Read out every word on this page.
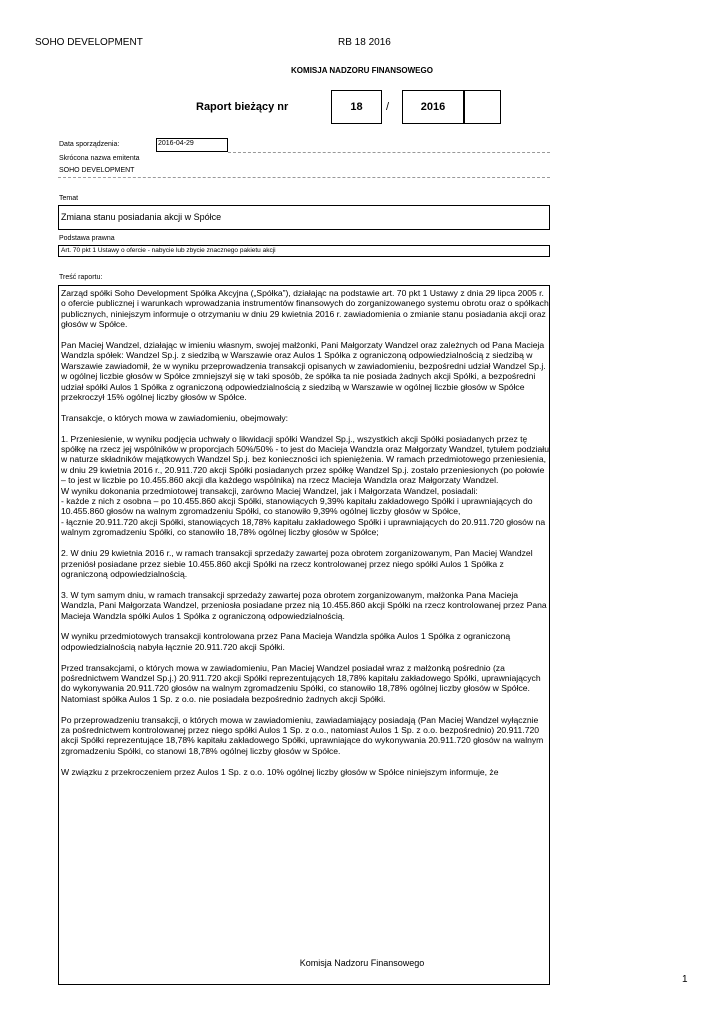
SOHO DEVELOPMENT	RB 18 2016
KOMISJA NADZORU FINANSOWEGO
Raport bieżący nr	18	/	2016
Data sporządzenia:	2016-04-29
Skrócona nazwa emitenta
SOHO DEVELOPMENT
Temat
Zmiana stanu posiadania akcji w Spółce
Podstawa prawna
Art. 70 pkt 1 Ustawy o ofercie - nabycie lub zbycie znacznego pakietu akcji
Treść raportu:

Zarząd spółki Soho Development Spółka Akcyjna („Spółka”), działając na podstawie art. 70 pkt 1 Ustawy z dnia 29 lipca 2005 r. o ofercie publicznej i warunkach wprowadzania instrumentów finansowych do zorganizowanego systemu obrotu oraz o spółkach publicznych, niniejszym informuje o otrzymaniu w dniu 29 kwietnia 2016 r. zawiadomienia o zmianie stanu posiadania akcji oraz głosów w Spółce.

Pan Maciej Wandzel, działając w imieniu własnym, swojej małżonki, Pani Małgorzaty Wandzel oraz zależnych od Pana Macieja Wandzla spółek: Wandzel Sp.j. z siedzibą w Warszawie oraz Aulos 1 Spółka z ograniczoną odpowiedzialnością z siedzibą w Warszawie zawiadomił, że w wyniku przeprowadzenia transakcji opisanych w zawiadomieniu, bezpośredni udział Wandzel Sp.j. w ogólnej liczbie głosów w Spółce zmniejszył się w taki sposób, że spółka ta nie posiada żadnych akcji Spółki, a bezpośredni udział spółki Aulos 1 Spółka z ograniczoną odpowiedzialnością z siedzibą w Warszawie w ogólnej liczbie głosów w Spółce przekroczył 15% ogólnej liczby głosów w Spółce.

Transakcje, o których mowa w zawiadomieniu, obejmowały:

1. Przeniesienie, w wyniku podjęcia uchwały o likwidacji spółki Wandzel Sp.j., wszystkich akcji Spółki posiadanych przez tę spółkę na rzecz jej wspólników w proporcjach 50%/50% - to jest do Macieja Wandzla oraz Małgorzaty Wandzel, tytułem podziału w naturze składników majątkowych Wandzel Sp.j. bez konieczności ich spieniężenia. W ramach przedmiotowego przeniesienia, w dniu 29 kwietnia 2016 r., 20.911.720 akcji Spółki posiadanych przez spółkę Wandzel Sp.j. zostało przeniesionych (po połowie – to jest w liczbie po 10.455.860 akcji dla każdego wspólnika) na rzecz Macieja Wandzla oraz Małgorzaty Wandzel.
W wyniku dokonania przedmiotowej transakcji, zarówno Maciej Wandzel, jak i Małgorzata Wandzel, posiadali:
- każde z nich z osobna – po 10.455.860 akcji Spółki, stanowiących 9,39% kapitału zakładowego Spółki i uprawniających do 10.455.860 głosów na walnym zgromadzeniu Spółki, co stanowiło 9,39% ogólnej liczby głosów w Spółce,
- łącznie 20.911.720 akcji Spółki, stanowiących 18,78% kapitału zakładowego Spółki i uprawniających do 20.911.720 głosów na walnym zgromadzeniu Spółki, co stanowiło 18,78% ogólnej liczby głosów w Spółce;

2. W dniu 29 kwietnia 2016 r., w ramach transakcji sprzedaży zawartej poza obrotem zorganizowanym, Pan Maciej Wandzel przeniósł posiadane przez siebie 10.455.860 akcji Spółki na rzecz kontrolowanej przez niego spółki Aulos 1 Spółka z ograniczoną odpowiedzialnością.

3. W tym samym dniu, w ramach transakcji sprzedaży zawartej poza obrotem zorganizowanym, małżonka Pana Macieja Wandzla, Pani Małgorzata Wandzel, przeniosła posiadane przez nią 10.455.860 akcji Spółki na rzecz kontrolowanej przez Pana Macieja Wandzla spółki Aulos 1 Spółka z ograniczoną odpowiedzialnością.

W wyniku przedmiotowych transakcji kontrolowana przez Pana Macieja Wandzla spółka Aulos 1 Spółka z ograniczoną odpowiedzialnością nabyła łącznie 20.911.720 akcji Spółki.

Przed transakcjami, o których mowa w zawiadomieniu, Pan Maciej Wandzel posiadał wraz z małżonką pośrednio (za pośrednictwem Wandzel Sp.j.) 20.911.720 akcji Spółki reprezentujących 18,78% kapitału zakładowego Spółki, uprawniających do wykonywania 20.911.720 głosów na walnym zgromadzeniu Spółki, co stanowiło 18,78% ogólnej liczby głosów w Spółce.
Natomiast spółka Aulos 1 Sp. z o.o. nie posiadała bezpośrednio żadnych akcji Spółki.

Po przeprowadzeniu transakcji, o których mowa w zawiadomieniu, zawiadamiający posiadają (Pan Maciej Wandzel wyłącznie za pośrednictwem kontrolowanej przez niego spółki Aulos 1 Sp. z o.o., natomiast Aulos 1 Sp. z o.o. bezpośrednio) 20.911.720 akcji Spółki reprezentujące 18,78% kapitału zakładowego Spółki, uprawniające do wykonywania 20.911.720 głosów na walnym zgromadzeniu Spółki, co stanowi 18,78% ogólnej liczby głosów w Spółce.

W związku z przekroczeniem przez Aulos 1 Sp. z o.o. 10% ogólnej liczby głosów w Spółce niniejszym informuje, że

Komisja Nadzoru Finansowego
1
